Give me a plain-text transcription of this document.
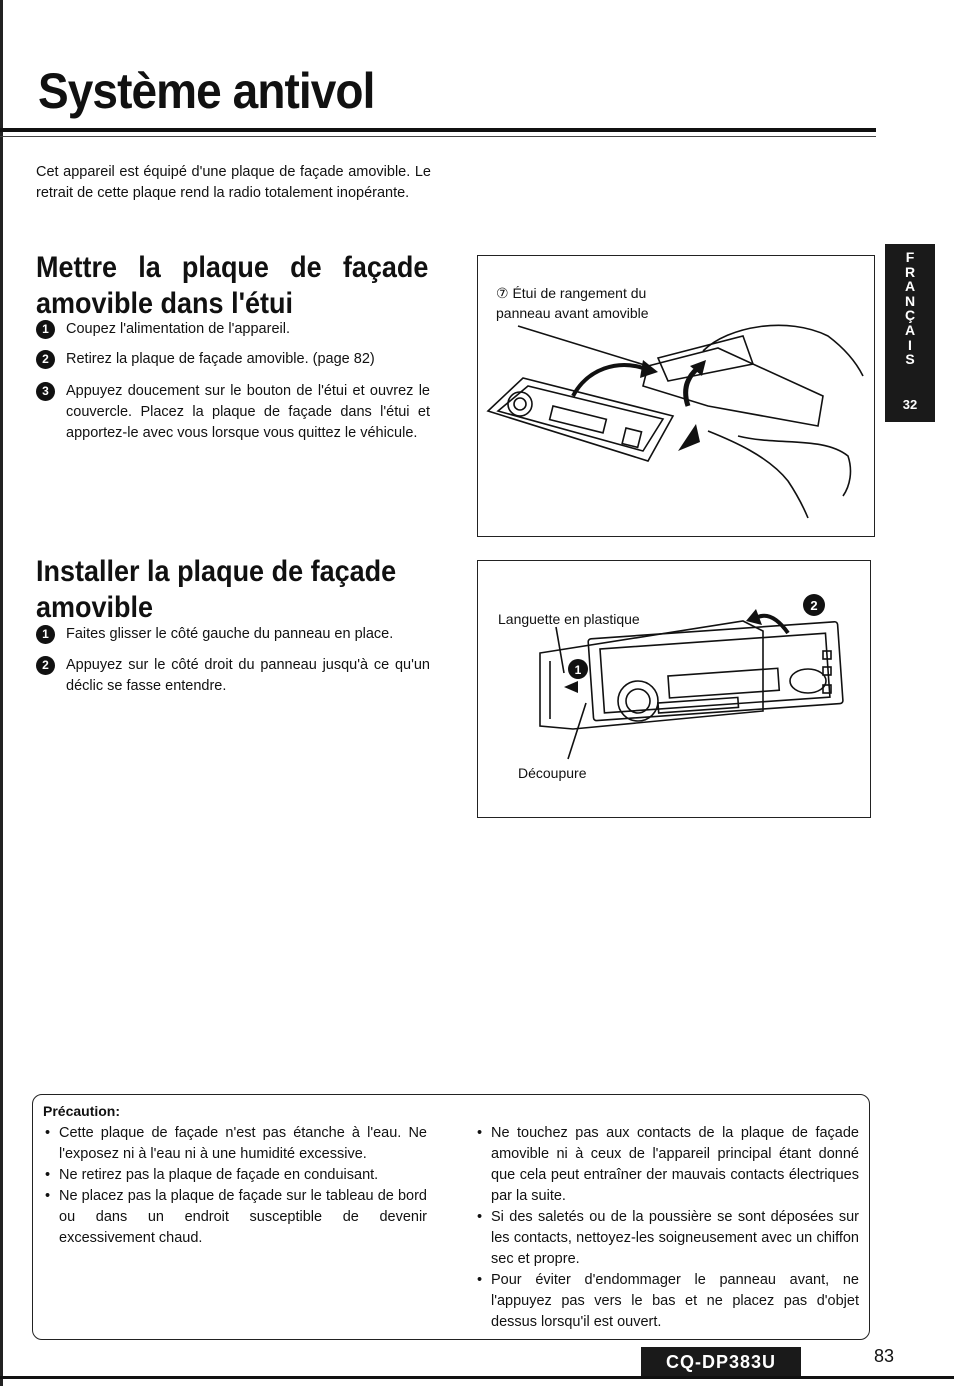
Système antivol

Cet appareil est équipé d'une plaque de façade amovible. Le retrait de cette plaque rend la radio totalement inopérante.

Mettre la plaque de façade amovible dans l'étui
1	Coupez l'alimentation de l'appareil.
2	Retirez la plaque de façade amovible. (page 82)
3	Appuyez doucement sur le bouton de l'étui et ouvrez le couvercle. Placez la plaque de façade dans l'étui et apportez-le avec vous lorsque vous quittez le véhicule.
⑦ Étui de rangement du panneau avant amovible
Installer la plaque de façade amovible
1	Faites glisser le côté gauche du panneau en place.
2	Appuyez sur le côté droit du panneau jusqu'à ce qu'un déclic se fasse entendre.
Languette en plastique
Découpure
2
1
F
R
A
N
Ç
A
I
S
32
Précaution:
• Cette plaque de façade n'est pas étanche à l'eau. Ne l'exposez ni à l'eau ni à une humidité excessive.
• Ne retirez pas la plaque de façade en conduisant.
• Ne placez pas la plaque de façade sur le tableau de bord ou dans un endroit susceptible de devenir excessivement chaud.
• Ne touchez pas aux contacts de la plaque de façade amovible ni à ceux de l'appareil principal étant donné que cela peut entraîner der mauvais contacts électriques par la suite.
• Si des saletés ou de la poussière se sont déposées sur les contacts, nettoyez-les soigneusement avec un chiffon sec et propre.
• Pour éviter d'endommager le panneau avant, ne l'appuyez pas vers le bas et ne placez pas d'objet dessus lorsqu'il est ouvert.
83
CQ-DP383U
